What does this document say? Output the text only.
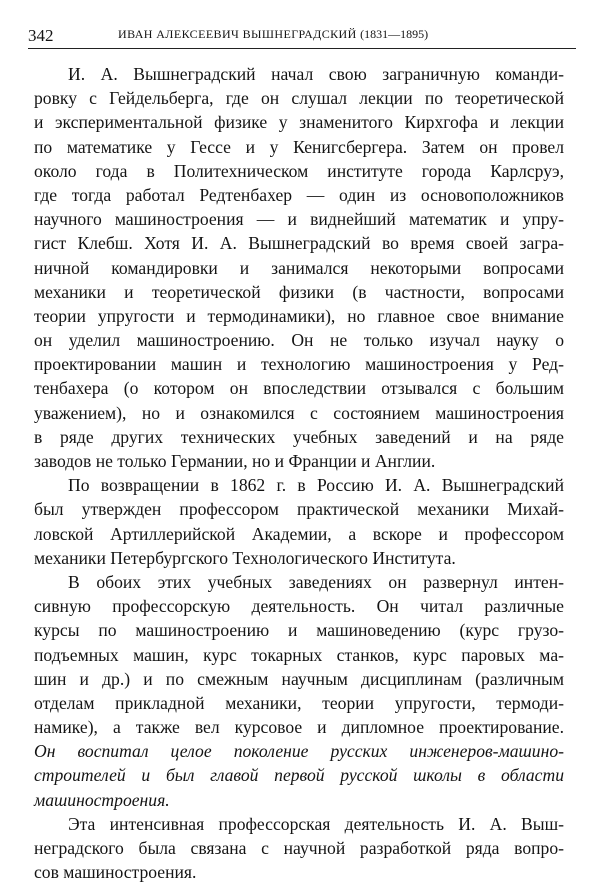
342	ИВАН АЛЕКСЕЕВИЧ ВЫШНЕГРАДСКИЙ (1831—1895)
И. А. Вышнеградский начал свою заграничную команди-
ровку с Гейдельберга, где он слушал лекции по теоретической
и экспериментальной физике у знаменитого Кирхгофа и лекции
по математике у Гессе и у Кенигсбергера. Затем он провел
около года в Политехническом институте города Карлсруэ,
где тогда работал Редтенбахер — один из основоположников
научного машиностроения — и виднейший математик и упру-
гист Клебш. Хотя И. А. Вышнеградский во время своей загра-
ничной командировки и занимался некоторыми вопросами
механики и теоретической физики (в частности, вопросами
теории упругости и термодинамики), но главное свое внимание
он уделил машиностроению. Он не только изучал науку о
проектировании машин и технологию машиностроения у Ред-
тенбахера (о котором он впоследствии отзывался с большим
уважением), но и ознакомился с состоянием машиностроения
в ряде других технических учебных заведений и на ряде
заводов не только Германии, но и Франции и Англии.
По возвращении в 1862 г. в Россию И. А. Вышнеградский
был утвержден профессором практической механики Михай-
ловской Артиллерийской Академии, а вскоре и профессором
механики Петербургского Технологического Института.
В обоих этих учебных заведениях он развернул интен-
сивную профессорскую деятельность. Он читал различные
курсы по машиностроению и машиноведению (курс грузо-
подъемных машин, курс токарных станков, курс паровых ма-
шин и др.) и по смежным научным дисциплинам (различным
отделам прикладной механики, теории упругости, термоди-
намике), а также вел курсовое и дипломное проектирование.
Он воспитал целое поколение русских инженеров-машино-
строителей и был главой первой русской школы в области
машиностроения.
Эта интенсивная профессорская деятельность И. А. Выш-
неградского была связана с научной разработкой ряда вопро-
сов машиностроения.
